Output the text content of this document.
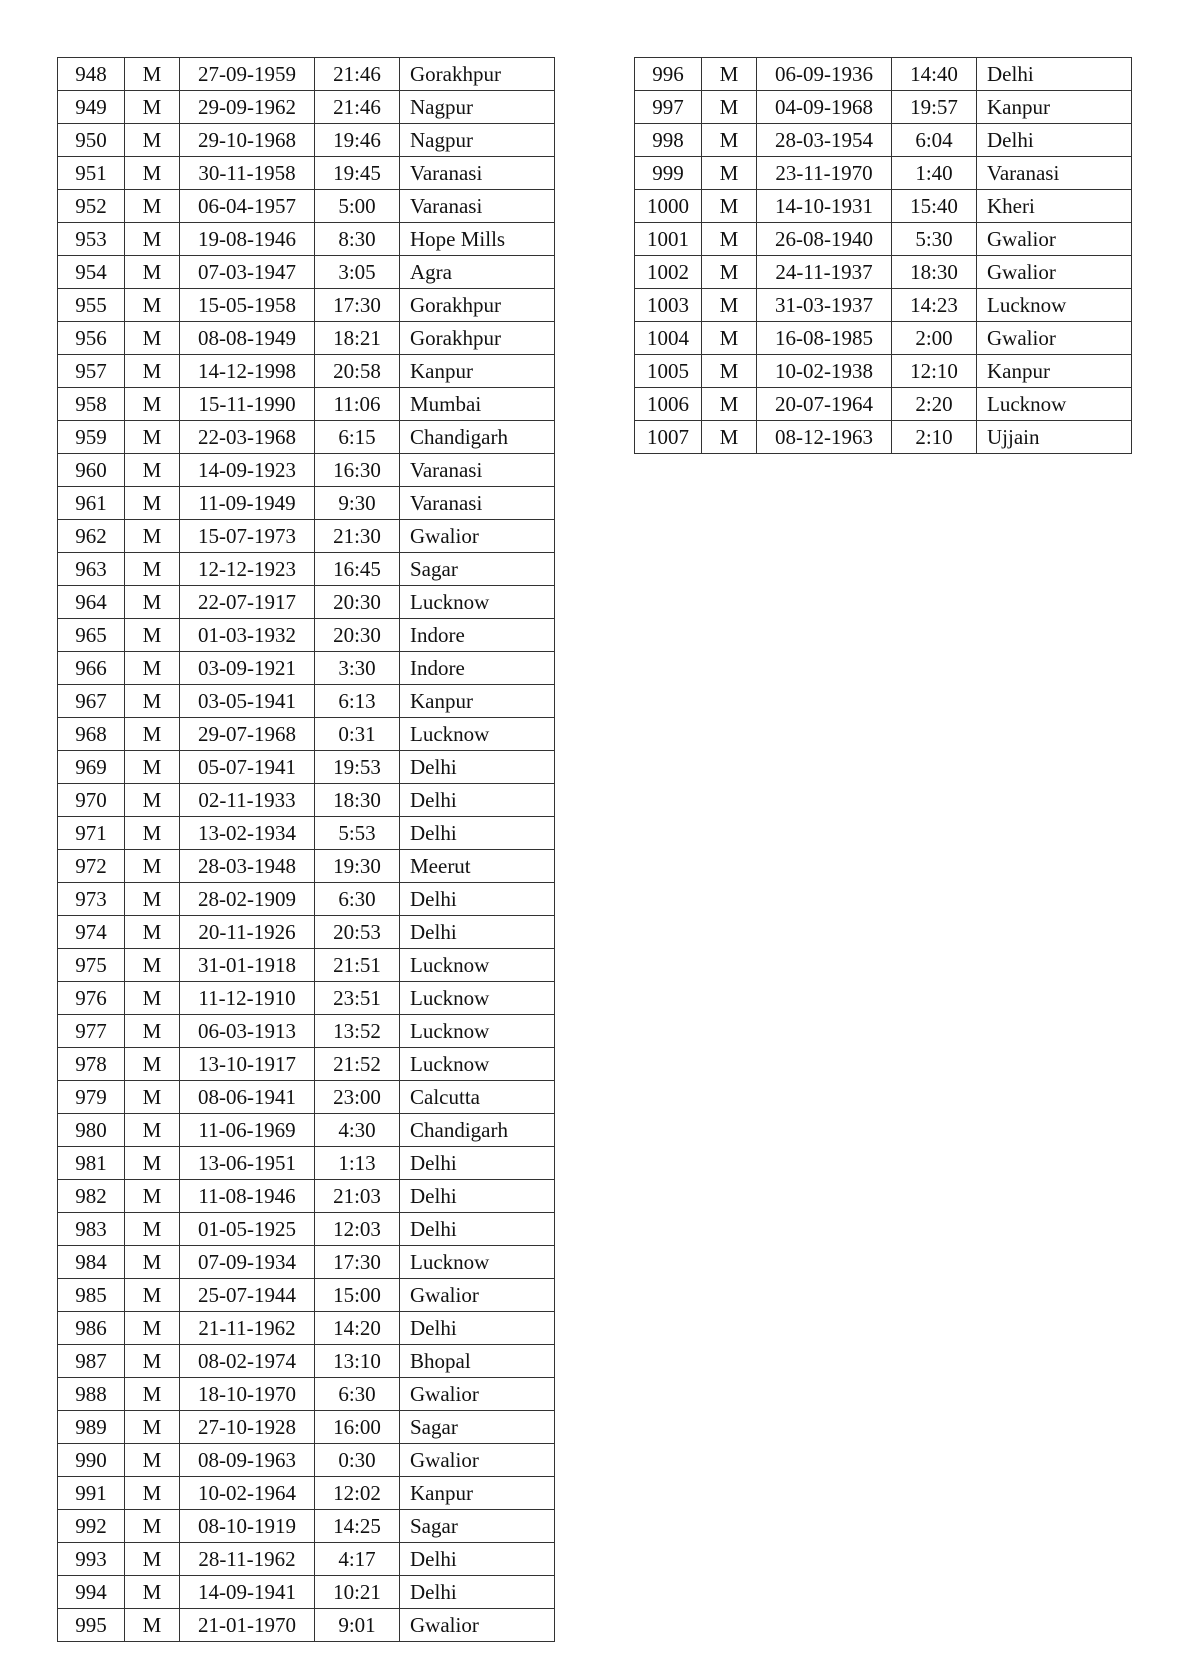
948	M	27-09-1959	21:46	Gorakhpur
949	M	29-09-1962	21:46	Nagpur
950	M	29-10-1968	19:46	Nagpur
951	M	30-11-1958	19:45	Varanasi
952	M	06-04-1957	5:00	Varanasi
953	M	19-08-1946	8:30	Hope Mills
954	M	07-03-1947	3:05	Agra
955	M	15-05-1958	17:30	Gorakhpur
956	M	08-08-1949	18:21	Gorakhpur
957	M	14-12-1998	20:58	Kanpur
958	M	15-11-1990	11:06	Mumbai
959	M	22-03-1968	6:15	Chandigarh
960	M	14-09-1923	16:30	Varanasi
961	M	11-09-1949	9:30	Varanasi
962	M	15-07-1973	21:30	Gwalior
963	M	12-12-1923	16:45	Sagar
964	M	22-07-1917	20:30	Lucknow
965	M	01-03-1932	20:30	Indore
966	M	03-09-1921	3:30	Indore
967	M	03-05-1941	6:13	Kanpur
968	M	29-07-1968	0:31	Lucknow
969	M	05-07-1941	19:53	Delhi
970	M	02-11-1933	18:30	Delhi
971	M	13-02-1934	5:53	Delhi
972	M	28-03-1948	19:30	Meerut
973	M	28-02-1909	6:30	Delhi
974	M	20-11-1926	20:53	Delhi
975	M	31-01-1918	21:51	Lucknow
976	M	11-12-1910	23:51	Lucknow
977	M	06-03-1913	13:52	Lucknow
978	M	13-10-1917	21:52	Lucknow
979	M	08-06-1941	23:00	Calcutta
980	M	11-06-1969	4:30	Chandigarh
981	M	13-06-1951	1:13	Delhi
982	M	11-08-1946	21:03	Delhi
983	M	01-05-1925	12:03	Delhi
984	M	07-09-1934	17:30	Lucknow
985	M	25-07-1944	15:00	Gwalior
986	M	21-11-1962	14:20	Delhi
987	M	08-02-1974	13:10	Bhopal
988	M	18-10-1970	6:30	Gwalior
989	M	27-10-1928	16:00	Sagar
990	M	08-09-1963	0:30	Gwalior
991	M	10-02-1964	12:02	Kanpur
992	M	08-10-1919	14:25	Sagar
993	M	28-11-1962	4:17	Delhi
994	M	14-09-1941	10:21	Delhi
995	M	21-01-1970	9:01	Gwalior
996	M	06-09-1936	14:40	Delhi
997	M	04-09-1968	19:57	Kanpur
998	M	28-03-1954	6:04	Delhi
999	M	23-11-1970	1:40	Varanasi
1000	M	14-10-1931	15:40	Kheri
1001	M	26-08-1940	5:30	Gwalior
1002	M	24-11-1937	18:30	Gwalior
1003	M	31-03-1937	14:23	Lucknow
1004	M	16-08-1985	2:00	Gwalior
1005	M	10-02-1938	12:10	Kanpur
1006	M	20-07-1964	2:20	Lucknow
1007	M	08-12-1963	2:10	Ujjain
